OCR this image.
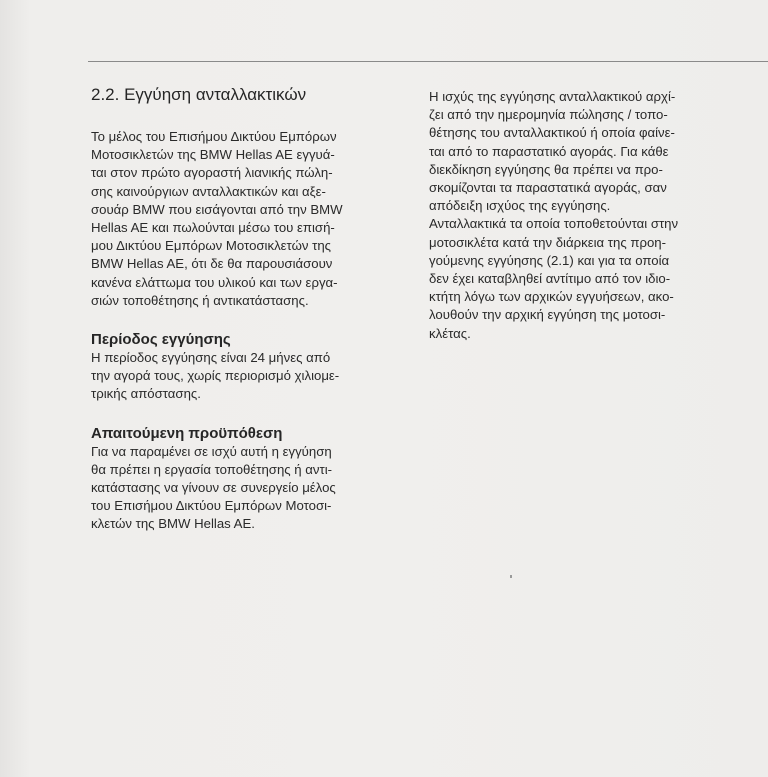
2.2. Εγγύηση ανταλλακτικών

Το μέλος του Επισήμου Δικτύου Εμπόρων
Μοτοσικλετών της BMW Hellas AE εγγυά-
ται στον πρώτο αγοραστή λιανικής πώλη-
σης καινούργιων ανταλλακτικών και αξε-
σουάρ BMW που εισάγονται από την BMW
Hellas AE και πωλούνται μέσω του επισή-
μου Δικτύου Εμπόρων Μοτοσικλετών της
BMW Hellas AE, ότι δε θα παρουσιάσουν
κανένα ελάττωμα του υλικού και των εργα-
σιών τοποθέτησης ή αντικατάστασης.

Περίοδος εγγύησης

Η περίοδος εγγύησης είναι 24 μήνες από
την αγορά τους, χωρίς περιορισμό χιλιομε-
τρικής απόστασης.

Απαιτούμενη προϋπόθεση

Για να παραμένει σε ισχύ αυτή η εγγύηση
θα πρέπει η εργασία τοποθέτησης ή αντι-
κατάστασης να γίνουν σε συνεργείο μέλος
του Επισήμου Δικτύου Εμπόρων Μοτοσι-
κλετών της BMW Hellas AE.

Η ισχύς της εγγύησης ανταλλακτικού αρχί-
ζει από την ημερομηνία πώλησης / τοπο-
θέτησης του ανταλλακτικού ή οποία φαίνε-
ται από το παραστατικό αγοράς. Για κάθε
διεκδίκηση εγγύησης θα πρέπει να προ-
σκομίζονται τα παραστατικά αγοράς, σαν
απόδειξη ισχύος της εγγύησης.

Ανταλλακτικά τα οποία τοποθετούνται στην
μοτοσικλέτα κατά την διάρκεια της προη-
γούμενης εγγύησης (2.1) και για τα οποία
δεν έχει καταβληθεί αντίτιμο από τον ιδιο-
κτήτη λόγω των αρχικών εγγυήσεων, ακο-
λουθούν την αρχική εγγύηση της μοτοσι-
κλέτας.
